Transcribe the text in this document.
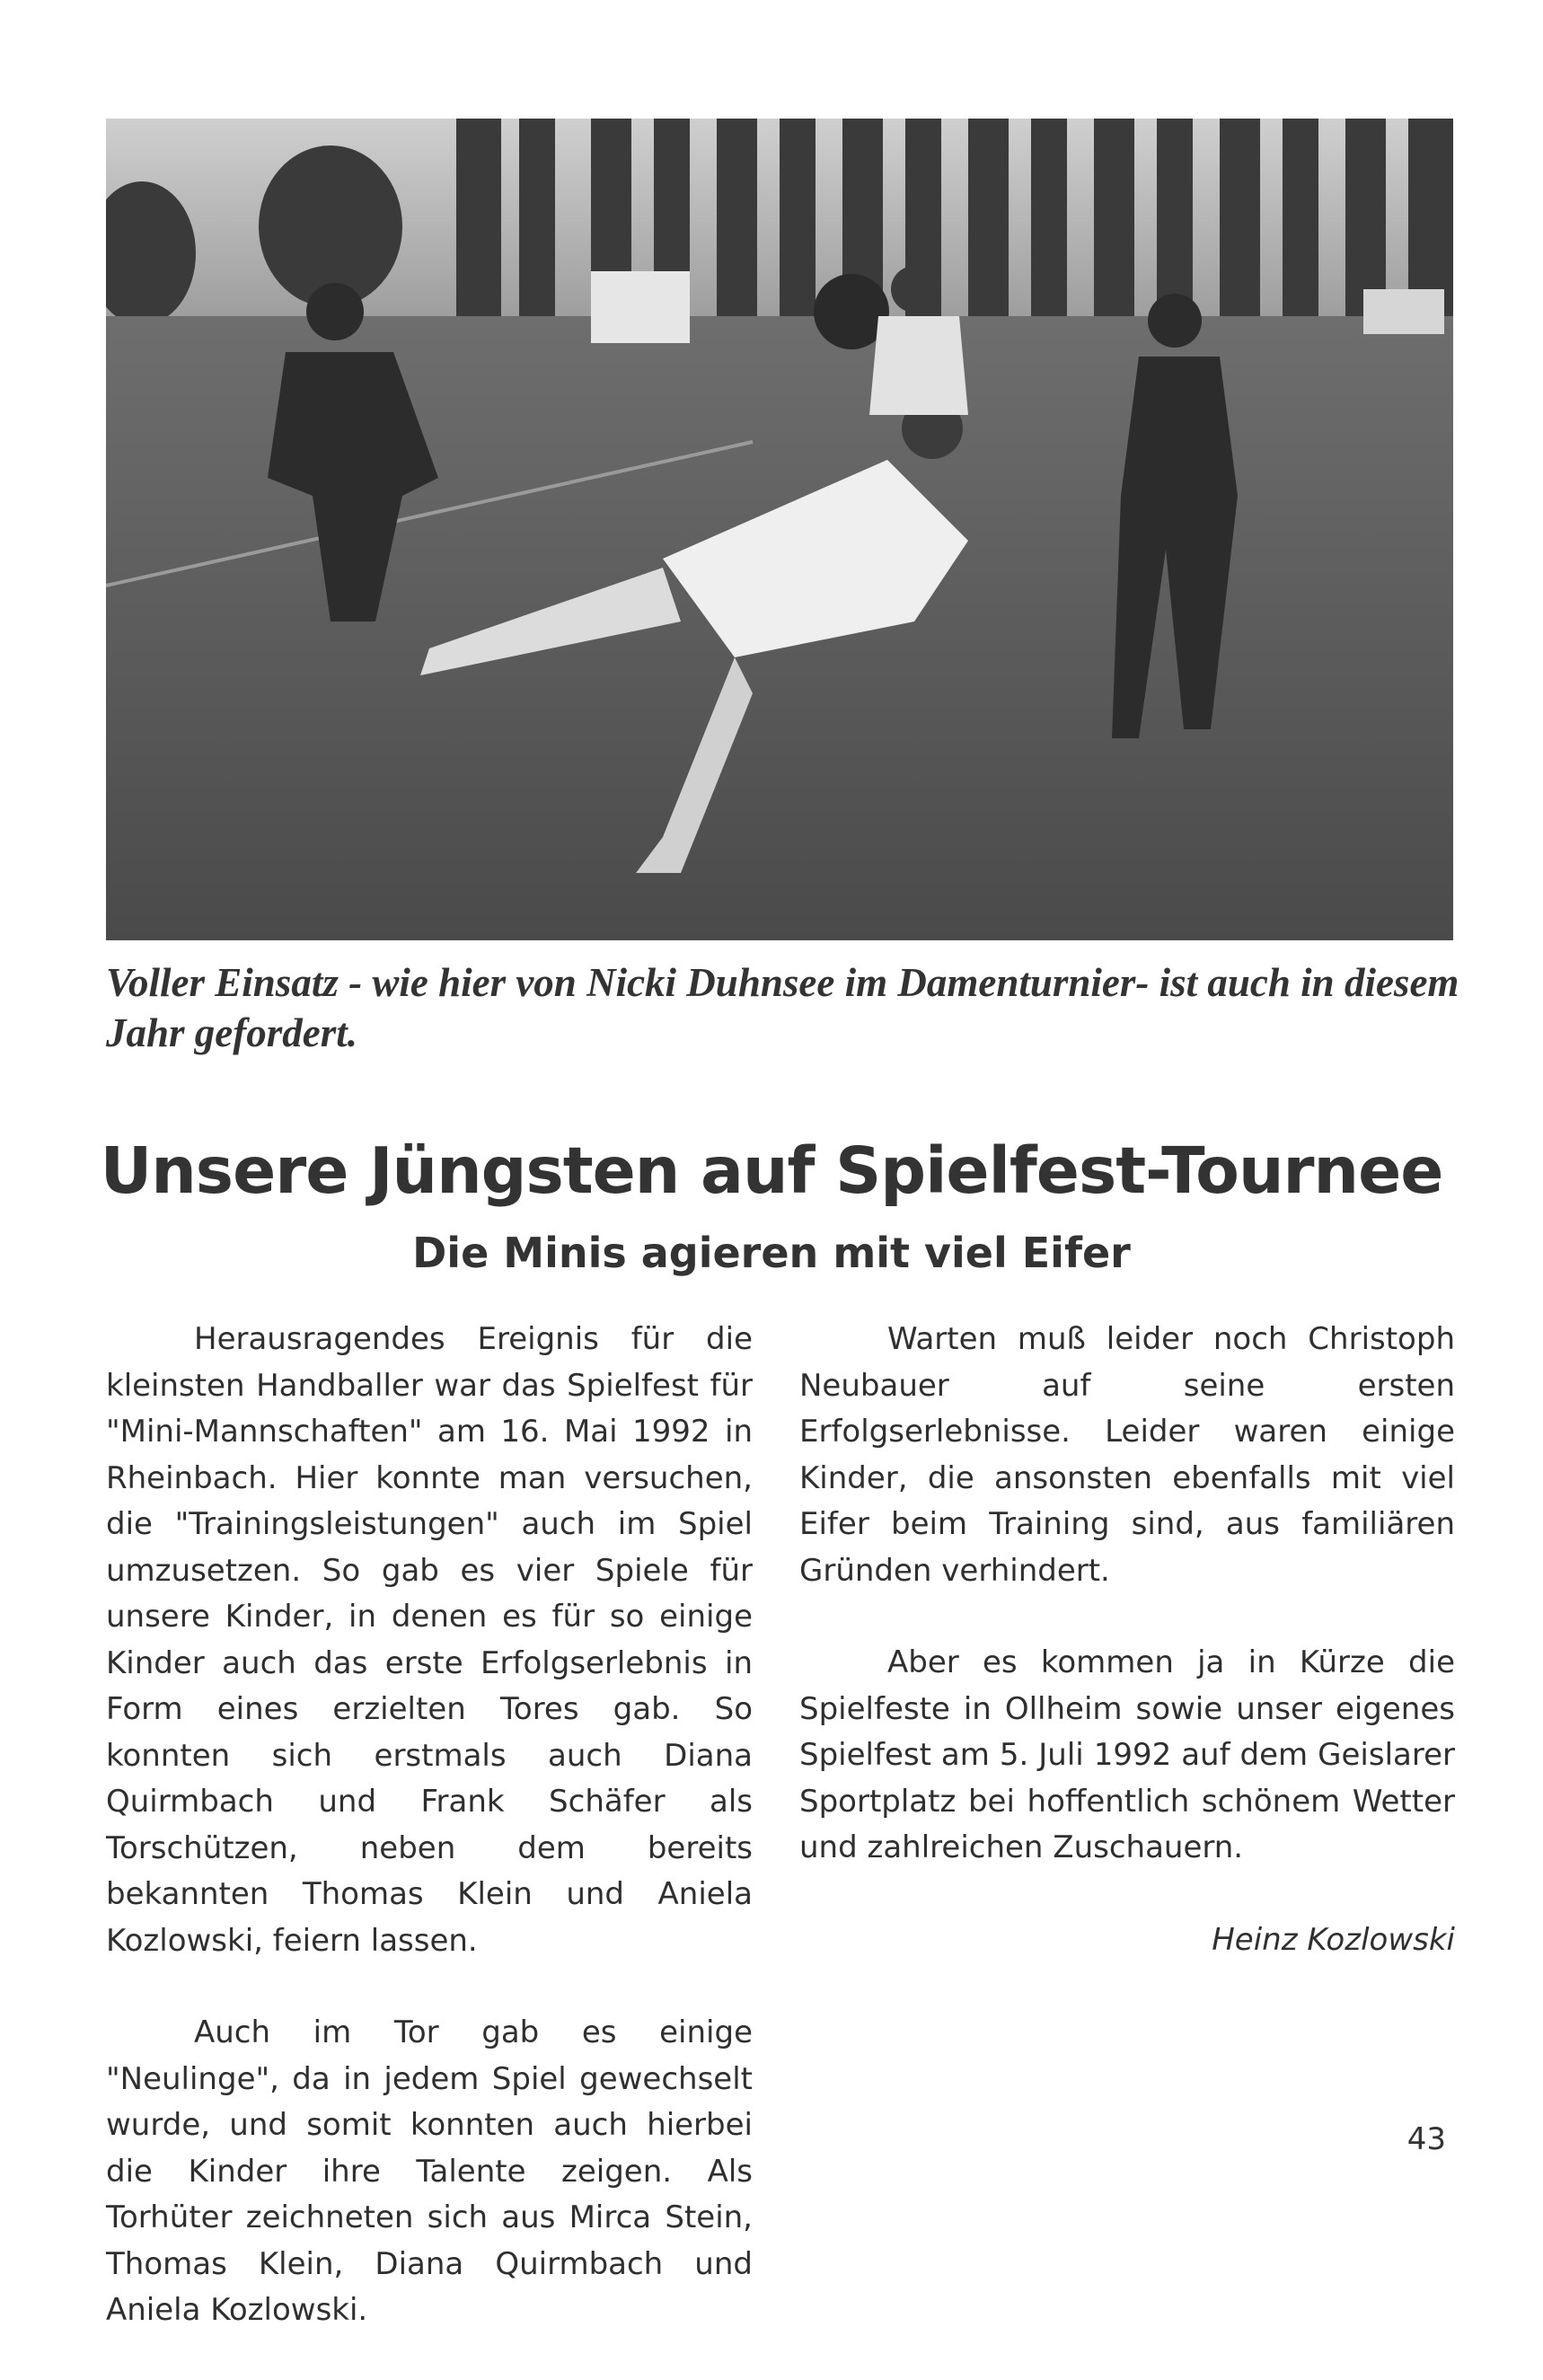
Voller Einsatz - wie hier von Nicki Duhnsee im Damenturnier- ist auch in diesem Jahr gefordert.

Unsere Jüngsten auf Spielfest-Tournee
Die Minis agieren mit viel Eifer

Herausragendes Ereignis für die kleinsten Handballer war das Spielfest für "Mini-Mannschaften" am 16. Mai 1992 in Rheinbach. Hier konnte man versuchen, die "Trainingsleistungen" auch im Spiel umzusetzen. So gab es vier Spiele für unsere Kinder, in denen es für so einige Kinder auch das erste Erfolgserlebnis in Form eines erzielten Tores gab. So konnten sich erstmals auch Diana Quirmbach und Frank Schäfer als Torschützen, neben dem bereits bekannten Thomas Klein und Aniela Kozlowski, feiern lassen.

Auch im Tor gab es einige "Neulinge", da in jedem Spiel gewechselt wurde, und somit konnten auch hierbei die Kinder ihre Talente zeigen. Als Torhüter zeichneten sich aus Mirca Stein, Thomas Klein, Diana Quirmbach und Aniela Kozlowski.

Warten muß leider noch Christoph Neubauer auf seine ersten Erfolgserlebnisse. Leider waren einige Kinder, die ansonsten ebenfalls mit viel Eifer beim Training sind, aus familiären Gründen verhindert.

Aber es kommen ja in Kürze die Spielfeste in Ollheim sowie unser eigenes Spielfest am 5. Juli 1992 auf dem Geislarer Sportplatz bei hoffentlich schönem Wetter und zahlreichen Zuschauern.

Heinz Kozlowski

43
